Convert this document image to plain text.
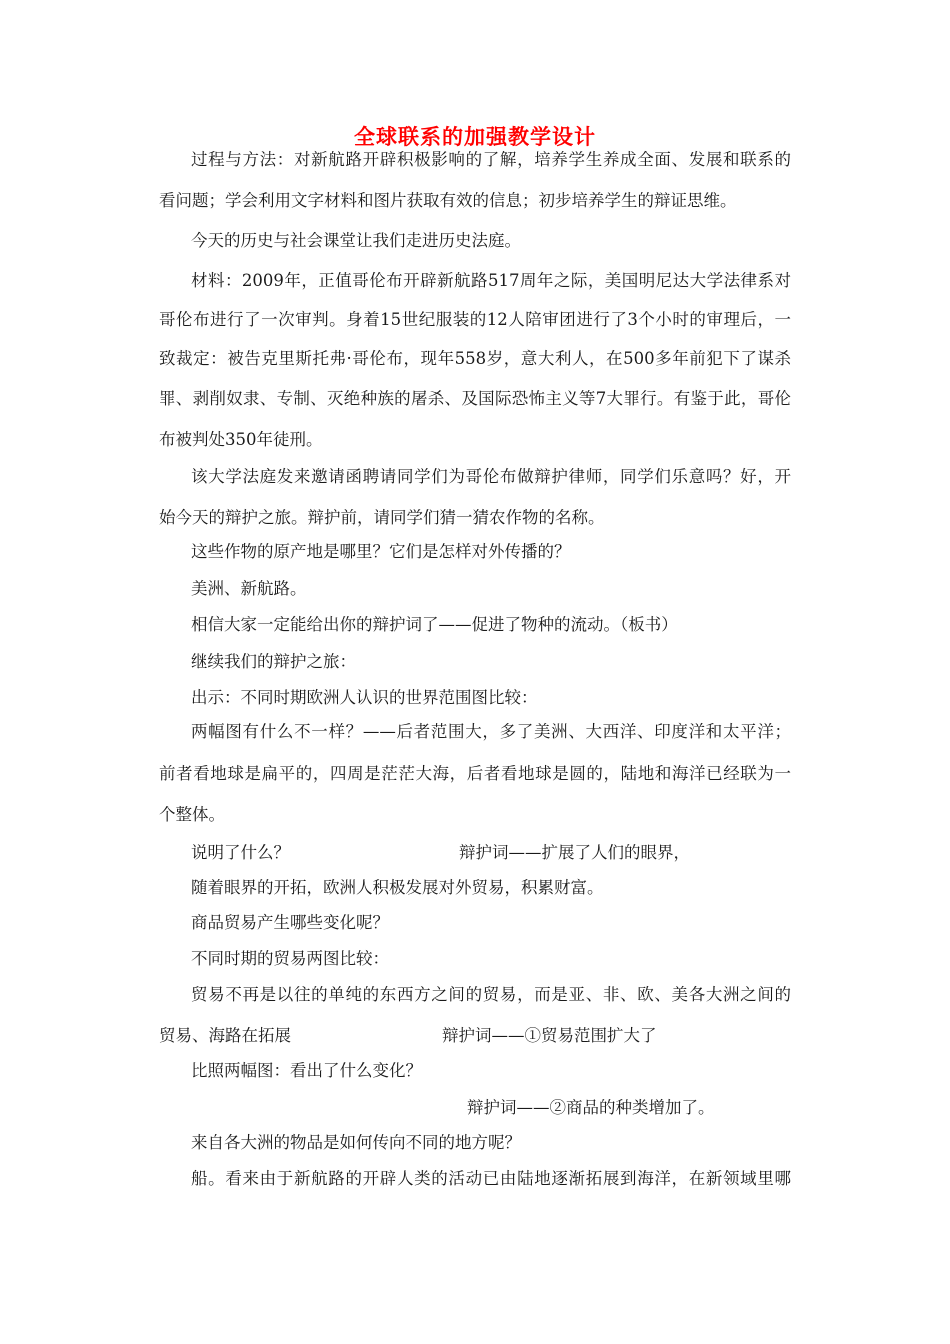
全球联系的加强教学设计
过程与方法：对新航路开辟积极影响的了解，培养学生养成全面、发展和联系的
看问题；学会利用文字材料和图片获取有效的信息；初步培养学生的辩证思维。
今天的历史与社会课堂让我们走进历史法庭。
材料：2009年，正值哥伦布开辟新航路517周年之际，美国明尼达大学法律系对
哥伦布进行了一次审判。身着15世纪服装的12人陪审团进行了3个小时的审理后，一
致裁定：被告克里斯托弗·哥伦布，现年558岁，意大利人，在500多年前犯下了谋杀
罪、剥削奴隶、专制、灭绝种族的屠杀、及国际恐怖主义等7大罪行。有鉴于此，哥伦
布被判处350年徒刑。
该大学法庭发来邀请函聘请同学们为哥伦布做辩护律师，同学们乐意吗？好，开
始今天的辩护之旅。辩护前，请同学们猜一猜农作物的名称。
这些作物的原产地是哪里？它们是怎样对外传播的？
美洲、新航路。
相信大家一定能给出你的辩护词了——促进了物种的流动。（板书）
继续我们的辩护之旅：
出示：不同时期欧洲人认识的世界范围图比较：
两幅图有什么不一样？——后者范围大，多了美洲、大西洋、印度洋和太平洋；
前者看地球是扁平的，四周是茫茫大海，后者看地球是圆的，陆地和海洋已经联为一
个整体。
说明了什么？	辩护词——扩展了人们的眼界，
随着眼界的开拓，欧洲人积极发展对外贸易，积累财富。
商品贸易产生哪些变化呢？
不同时期的贸易两图比较：
贸易不再是以往的单纯的东西方之间的贸易，而是亚、非、欧、美各大洲之间的
贸易、海路在拓展	辩护词——①贸易范围扩大了
比照两幅图：看出了什么变化？
辩护词——②商品的种类增加了。
来自各大洲的物品是如何传向不同的地方呢？
船。看来由于新航路的开辟人类的活动已由陆地逐渐拓展到海洋，在新领域里哪
